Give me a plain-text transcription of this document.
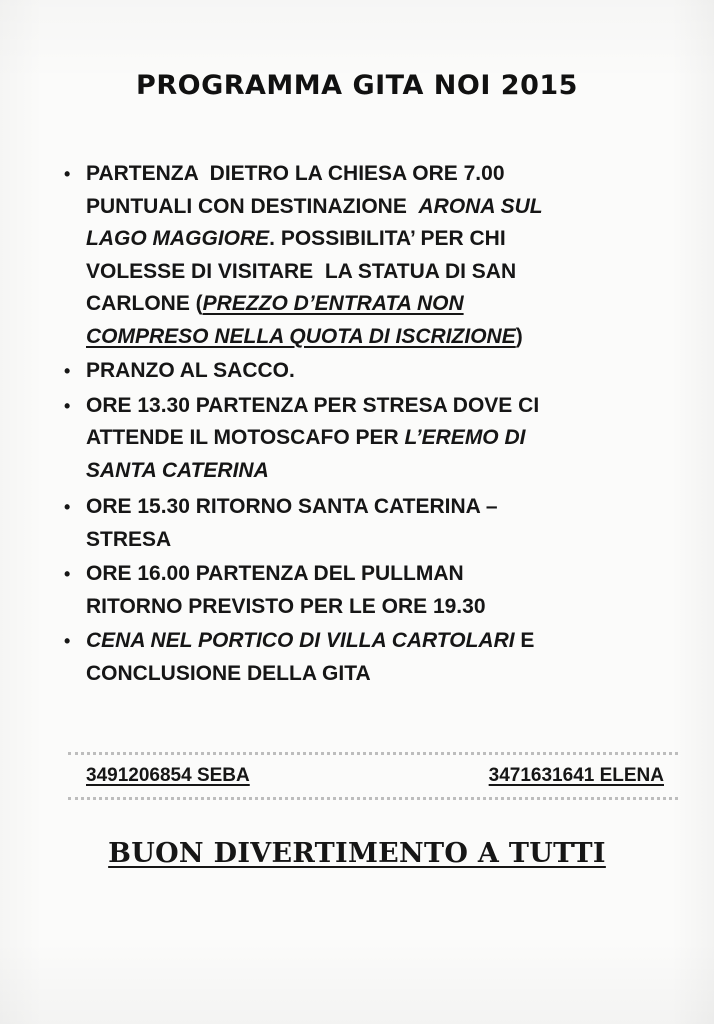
PROGRAMMA GITA NOI 2015
• PARTENZA  DIETRO LA CHIESA ORE 7.00
PUNTUALI CON DESTINAZIONE  ARONA SUL
LAGO MAGGIORE. POSSIBILITA’ PER CHI
VOLESSE DI VISITARE  LA STATUA DI SAN
CARLONE (PREZZO D’ENTRATA NON
COMPRESO NELLA QUOTA DI ISCRIZIONE)
• PRANZO AL SACCO.
• ORE 13.30 PARTENZA PER STRESA DOVE CI
ATTENDE IL MOTOSCAFO PER L’EREMO DI
SANTA CATERINA
• ORE 15.30 RITORNO SANTA CATERINA –
STRESA
• ORE 16.00 PARTENZA DEL PULLMAN
RITORNO PREVISTO PER LE ORE 19.30
• CENA NEL PORTICO DI VILLA CARTOLARI E
CONCLUSIONE DELLA GITA
3491206854 SEBA	3471631641 ELENA
BUON DIVERTIMENTO A TUTTI
